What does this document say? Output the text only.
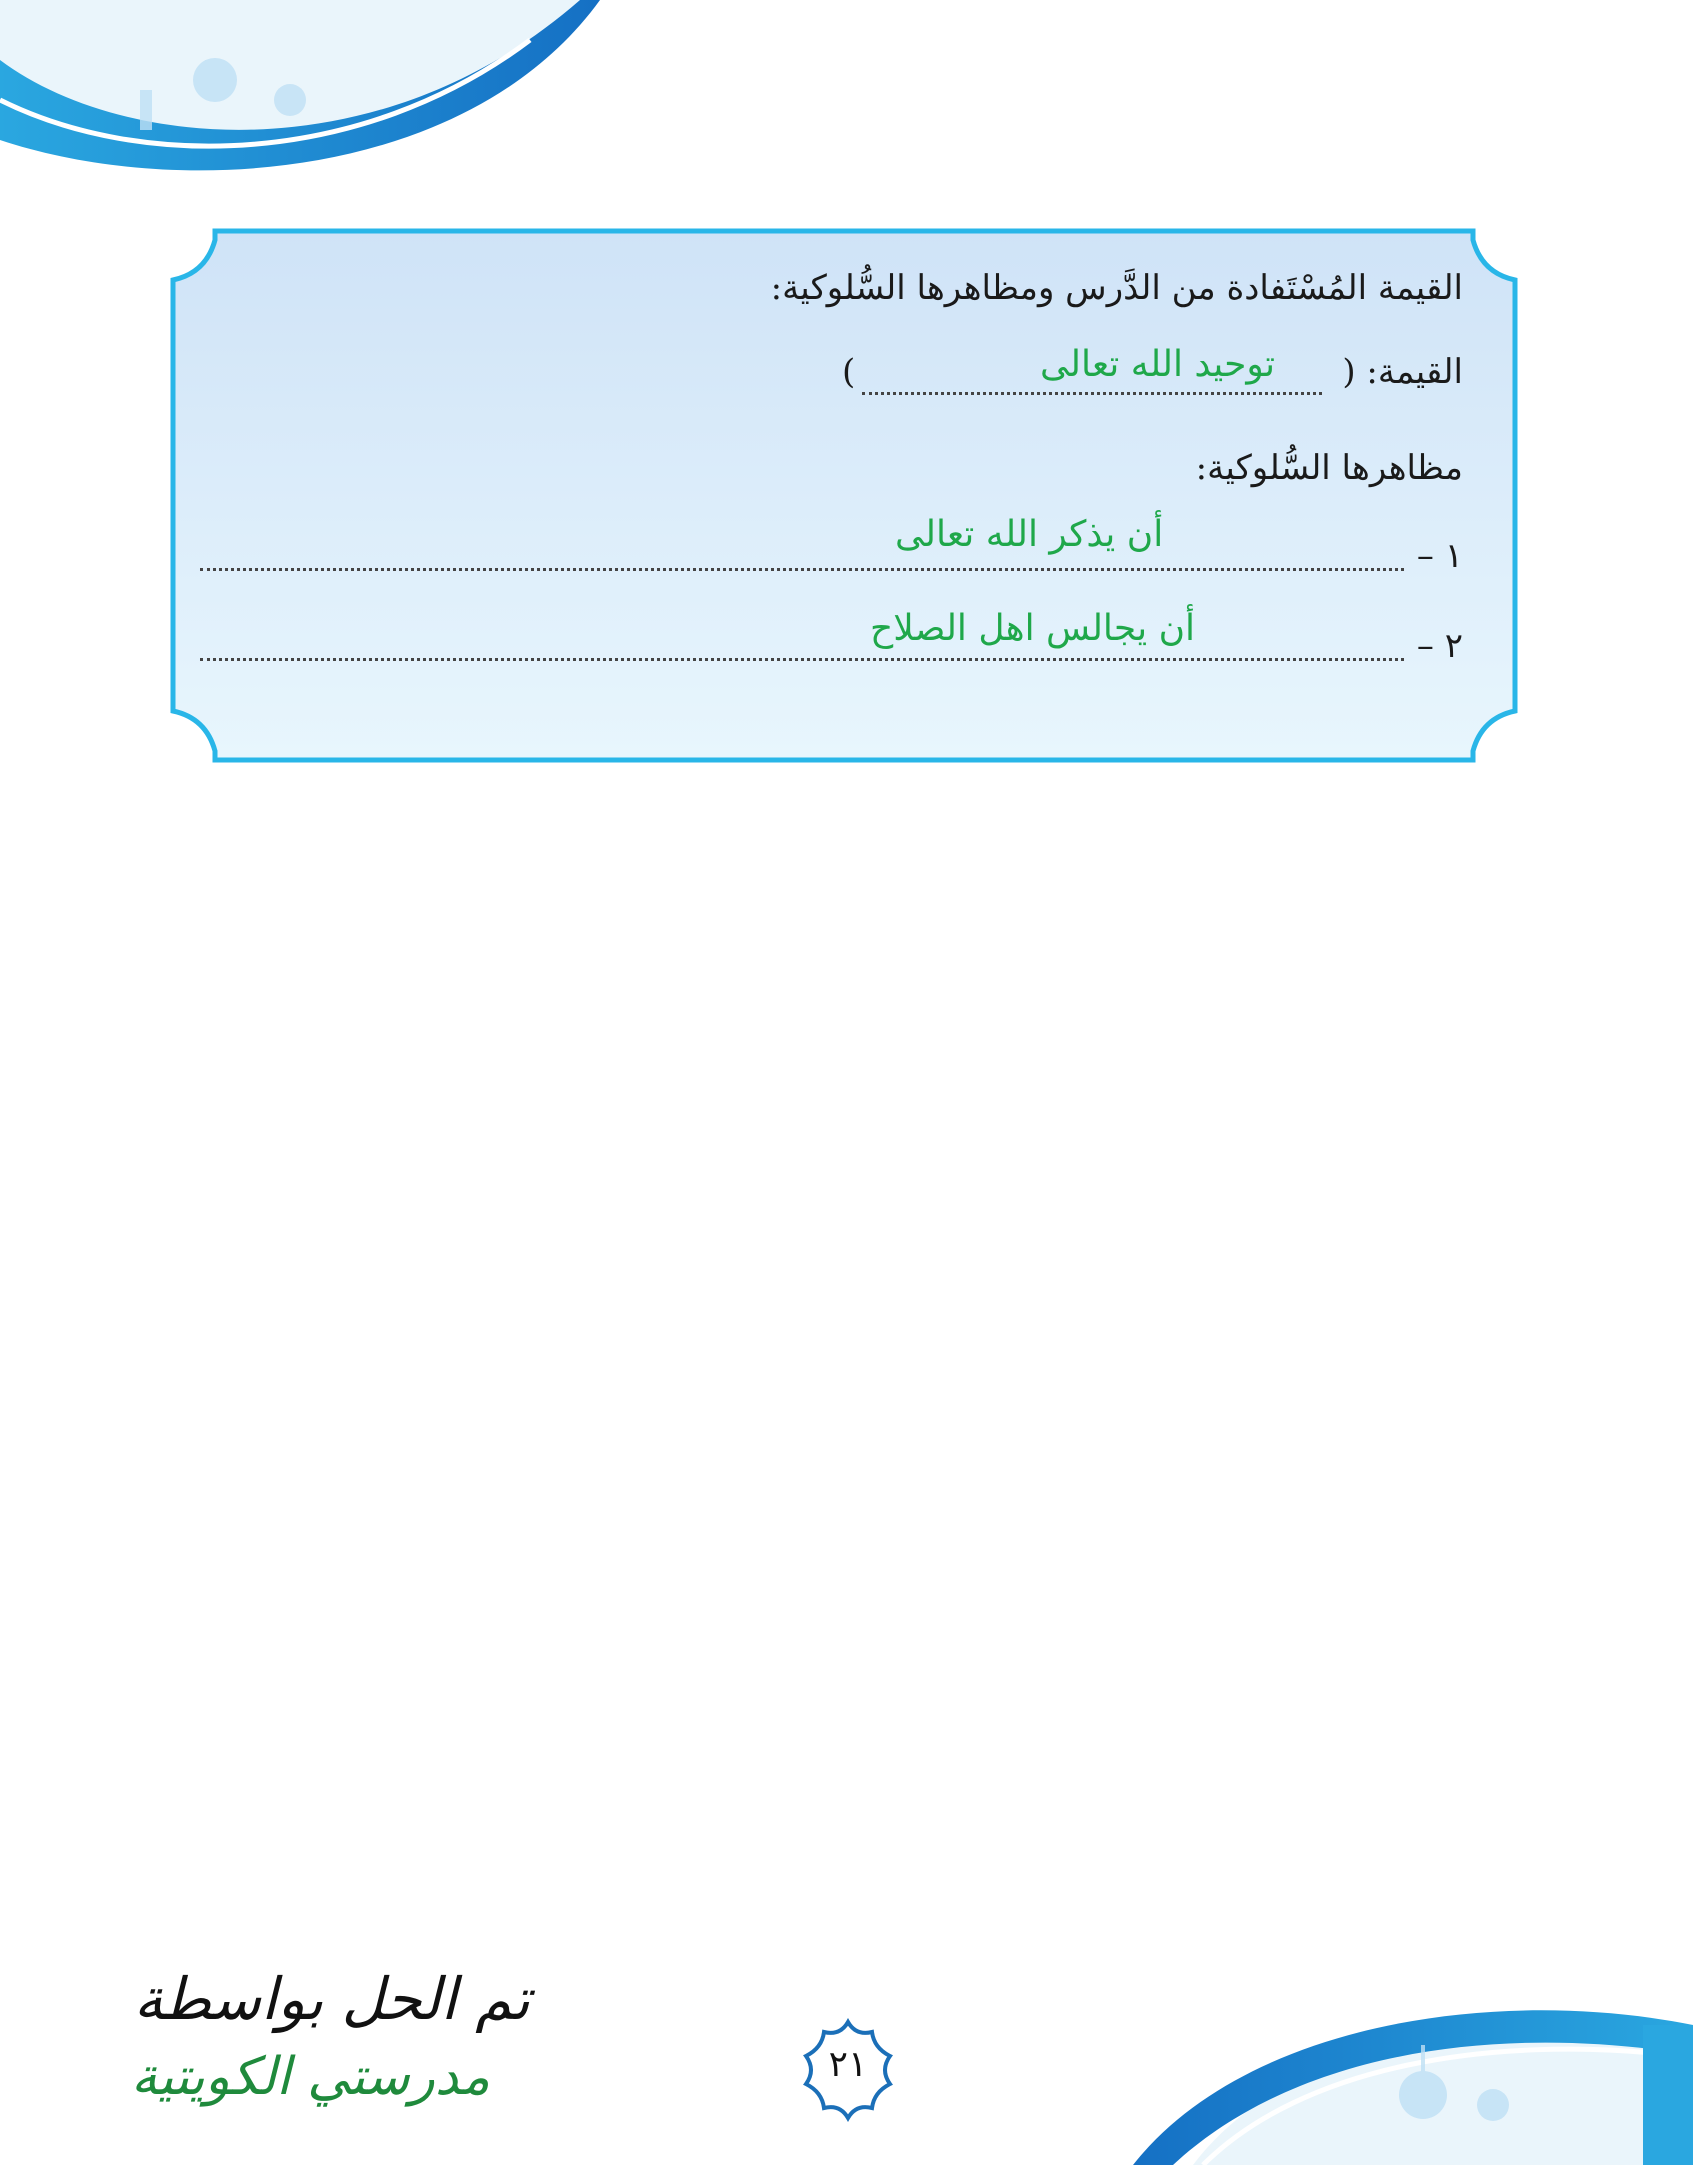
القيمة المُسْتَفادة من الدَّرس ومظاهرها السُّلوكية:
القيمة: (
)	توحيد الله تعالى
مظاهرها السُّلوكية:
١ –
أن يذكر الله تعالى
٢ –
أن يجالس اهل الصلاح
تم الحل بواسطة
مدرستي الكويتية	٢١
